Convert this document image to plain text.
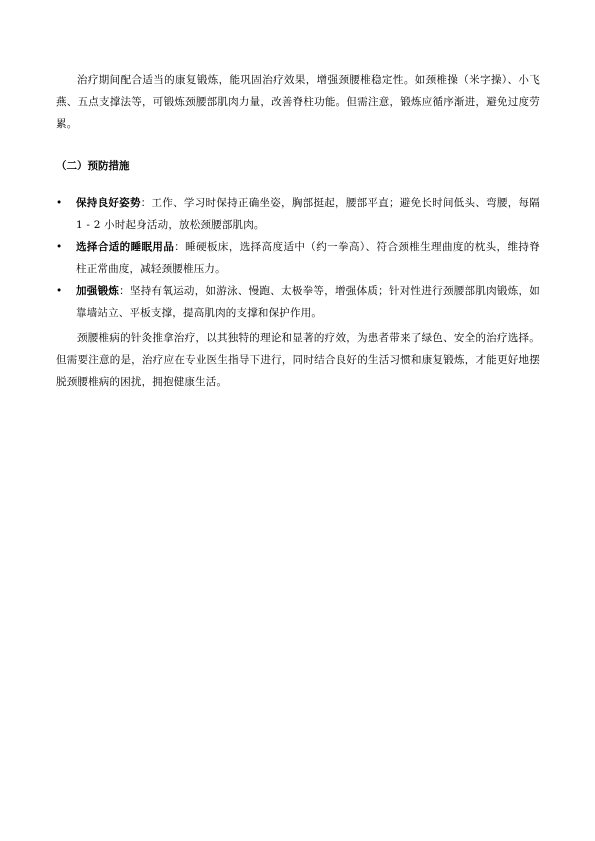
治疗期间配合适当的康复锻炼，能巩固治疗效果，增强颈腰椎稳定性。如颈椎操（米字操）、小飞燕、五点支撑法等，可锻炼颈腰部肌肉力量，改善脊柱功能。但需注意，锻炼应循序渐进，避免过度劳累。

（二）预防措施
• 保持良好姿势：工作、学习时保持正确坐姿，胸部挺起，腰部平直；避免长时间低头、弯腰，每隔 1 - 2 小时起身活动，放松颈腰部肌肉。
• 选择合适的睡眠用品：睡硬板床，选择高度适中（约一拳高）、符合颈椎生理曲度的枕头，维持脊柱正常曲度，减轻颈腰椎压力。
• 加强锻炼：坚持有氧运动，如游泳、慢跑、太极拳等，增强体质；针对性进行颈腰部肌肉锻炼，如靠墙站立、平板支撑，提高肌肉的支撑和保护作用。

颈腰椎病的针灸推拿治疗，以其独特的理论和显著的疗效，为患者带来了绿色、安全的治疗选择。但需要注意的是，治疗应在专业医生指导下进行，同时结合良好的生活习惯和康复锻炼，才能更好地摆脱颈腰椎病的困扰，拥抱健康生活。
